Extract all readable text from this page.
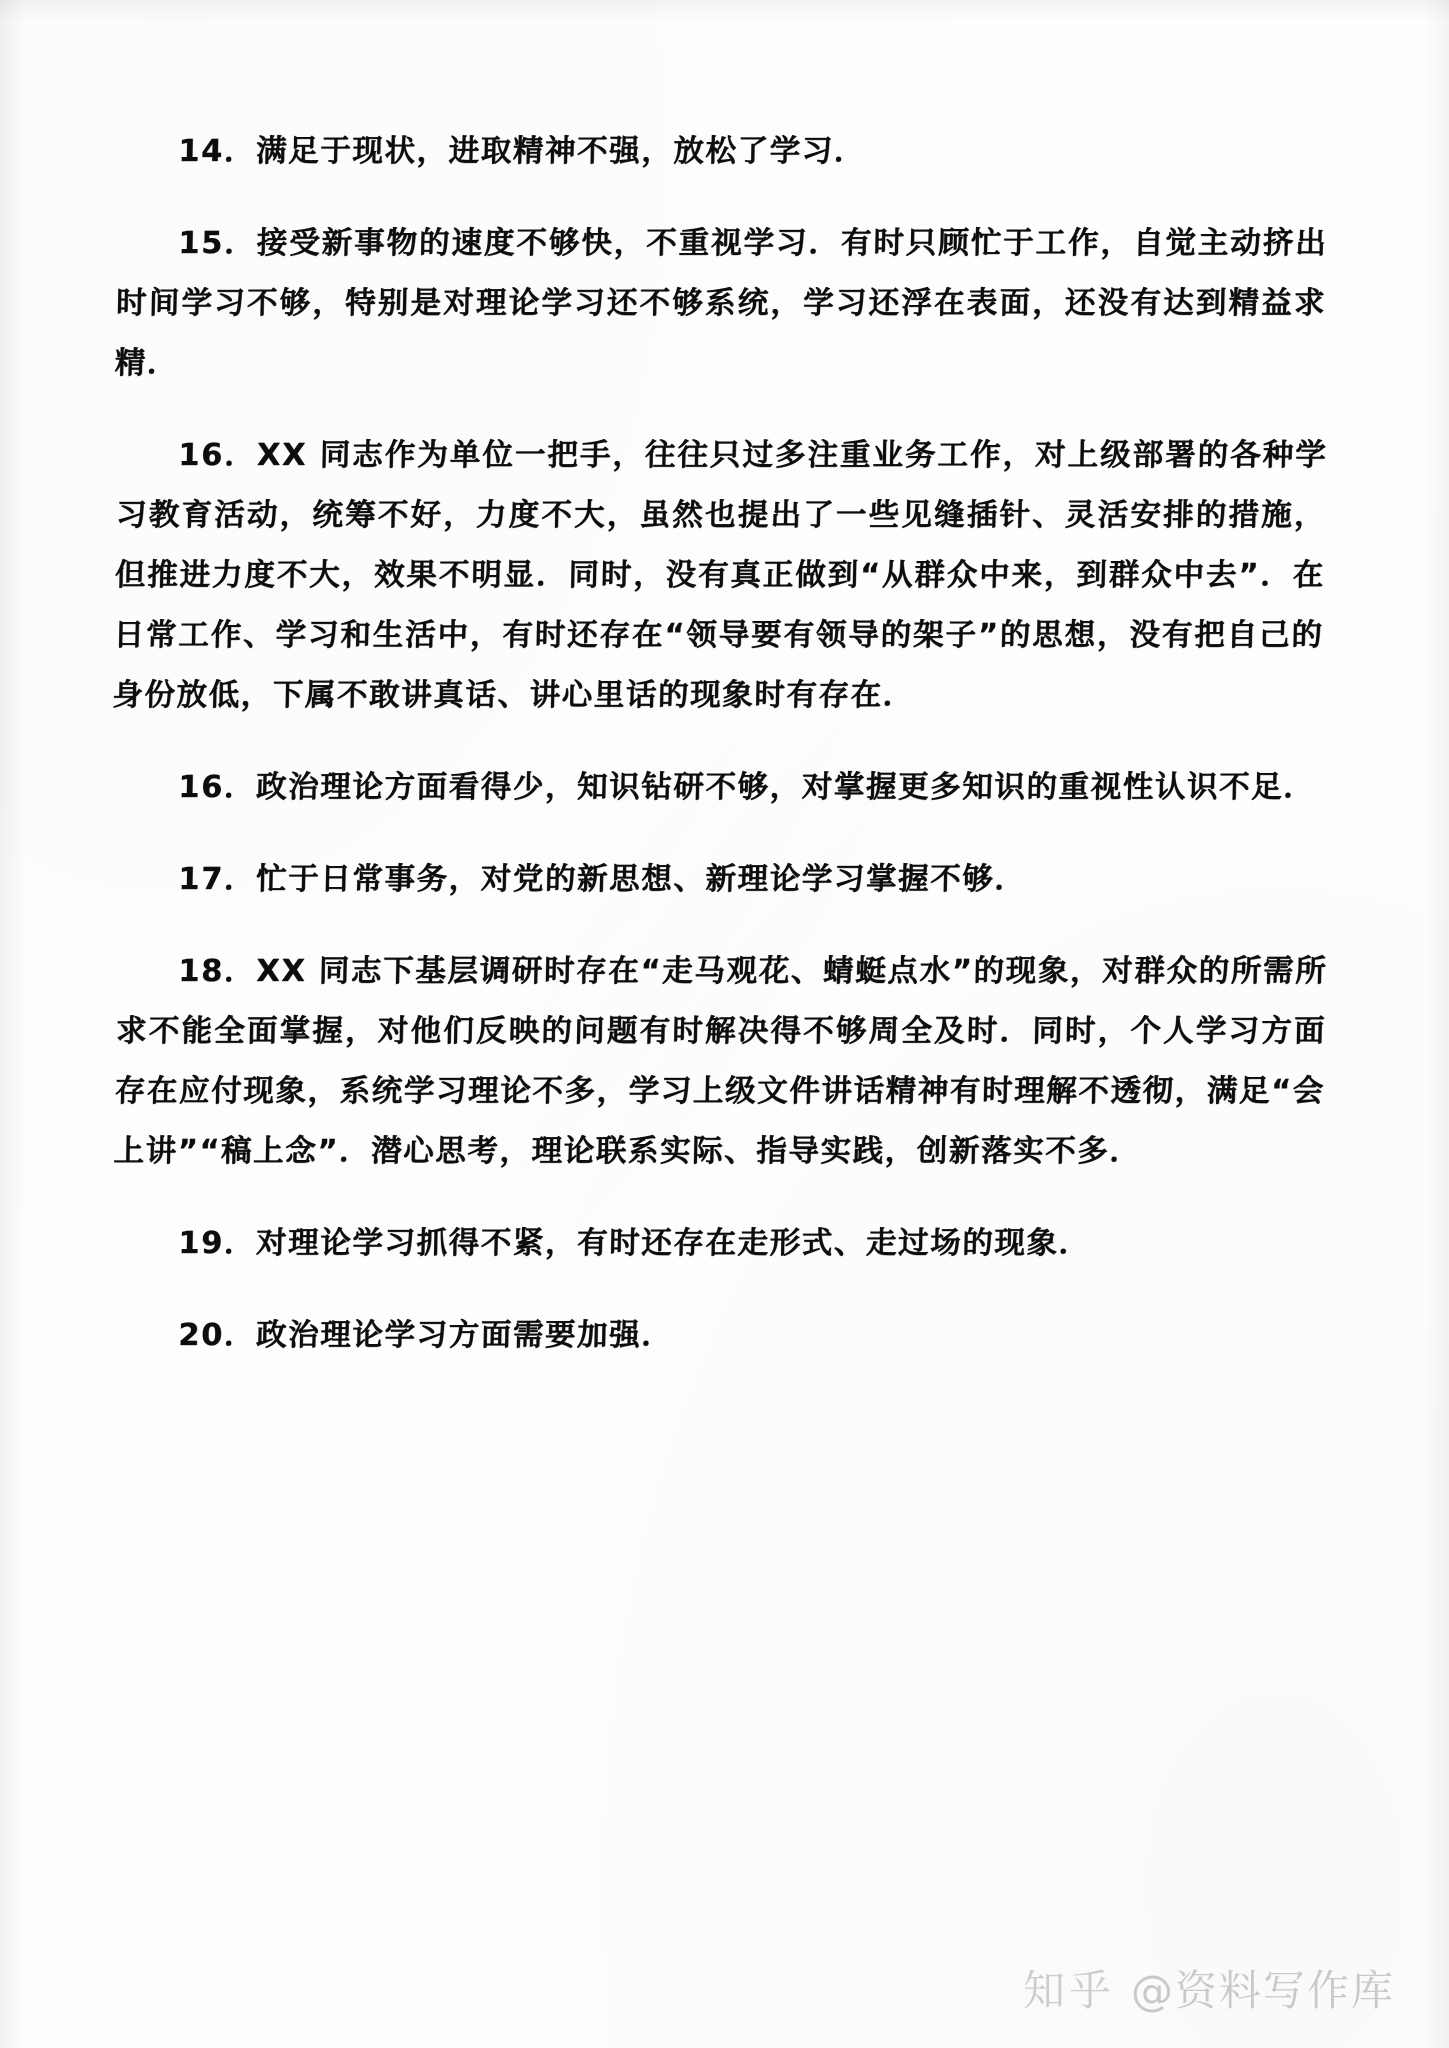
14．满足于现状，进取精神不强，放松了学习．

15．接受新事物的速度不够快，不重视学习．有时只顾忙于工作，自觉主动挤出时间学习不够，特别是对理论学习还不够系统，学习还浮在表面，还没有达到精益求精．

16．XX 同志作为单位一把手，往往只过多注重业务工作，对上级部署的各种学习教育活动，统筹不好，力度不大，虽然也提出了一些见缝插针、灵活安排的措施，但推进力度不大，效果不明显．同时，没有真正做到“从群众中来，到群众中去”．在日常工作、学习和生活中，有时还存在“领导要有领导的架子”的思想，没有把自己的身份放低，下属不敢讲真话、讲心里话的现象时有存在．

16．政治理论方面看得少，知识钻研不够，对掌握更多知识的重视性认识不足．

17．忙于日常事务，对党的新思想、新理论学习掌握不够．

18．XX 同志下基层调研时存在“走马观花、蜻蜓点水”的现象，对群众的所需所求不能全面掌握，对他们反映的问题有时解决得不够周全及时．同时，个人学习方面存在应付现象，系统学习理论不多，学习上级文件讲话精神有时理解不透彻，满足“会上讲”“稿上念”．潜心思考，理论联系实际、指导实践，创新落实不多．

19．对理论学习抓得不紧，有时还存在走形式、走过场的现象．

20．政治理论学习方面需要加强．

知乎 @资料写作库
